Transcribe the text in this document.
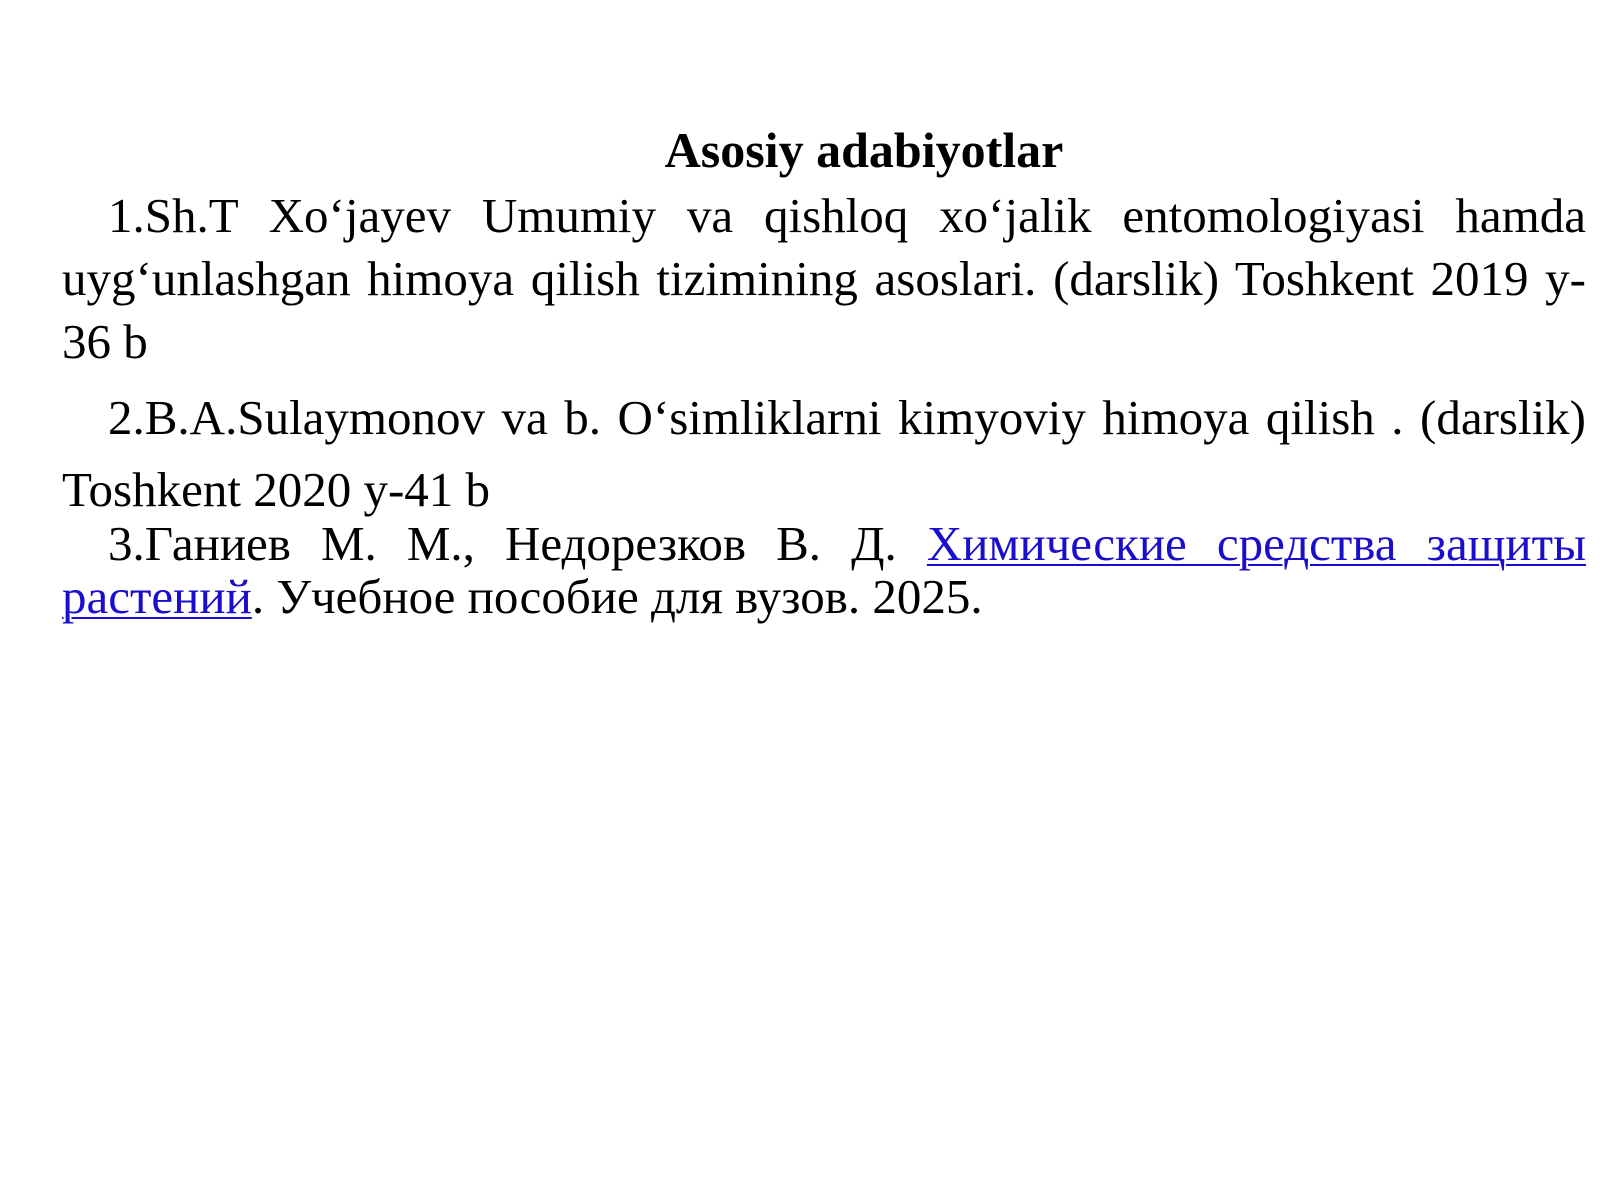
Asosiy adabiyotlar

1.Sh.T Xo‘jayev Umumiy va qishloq xo‘jalik entomologiyasi hamda uyg‘unlashgan himoya qilish tizimining asoslari. (darslik) Toshkent 2019 y-36 b

2.B.A.Sulaymonov va b. O‘simliklarni kimyoviy himoya qilish . (darslik) Toshkent 2020 y-41 b

3.Ганиев М. М., Недорезков В. Д. Химические средства защиты растений. Учебное пособие для вузов. 2025.
